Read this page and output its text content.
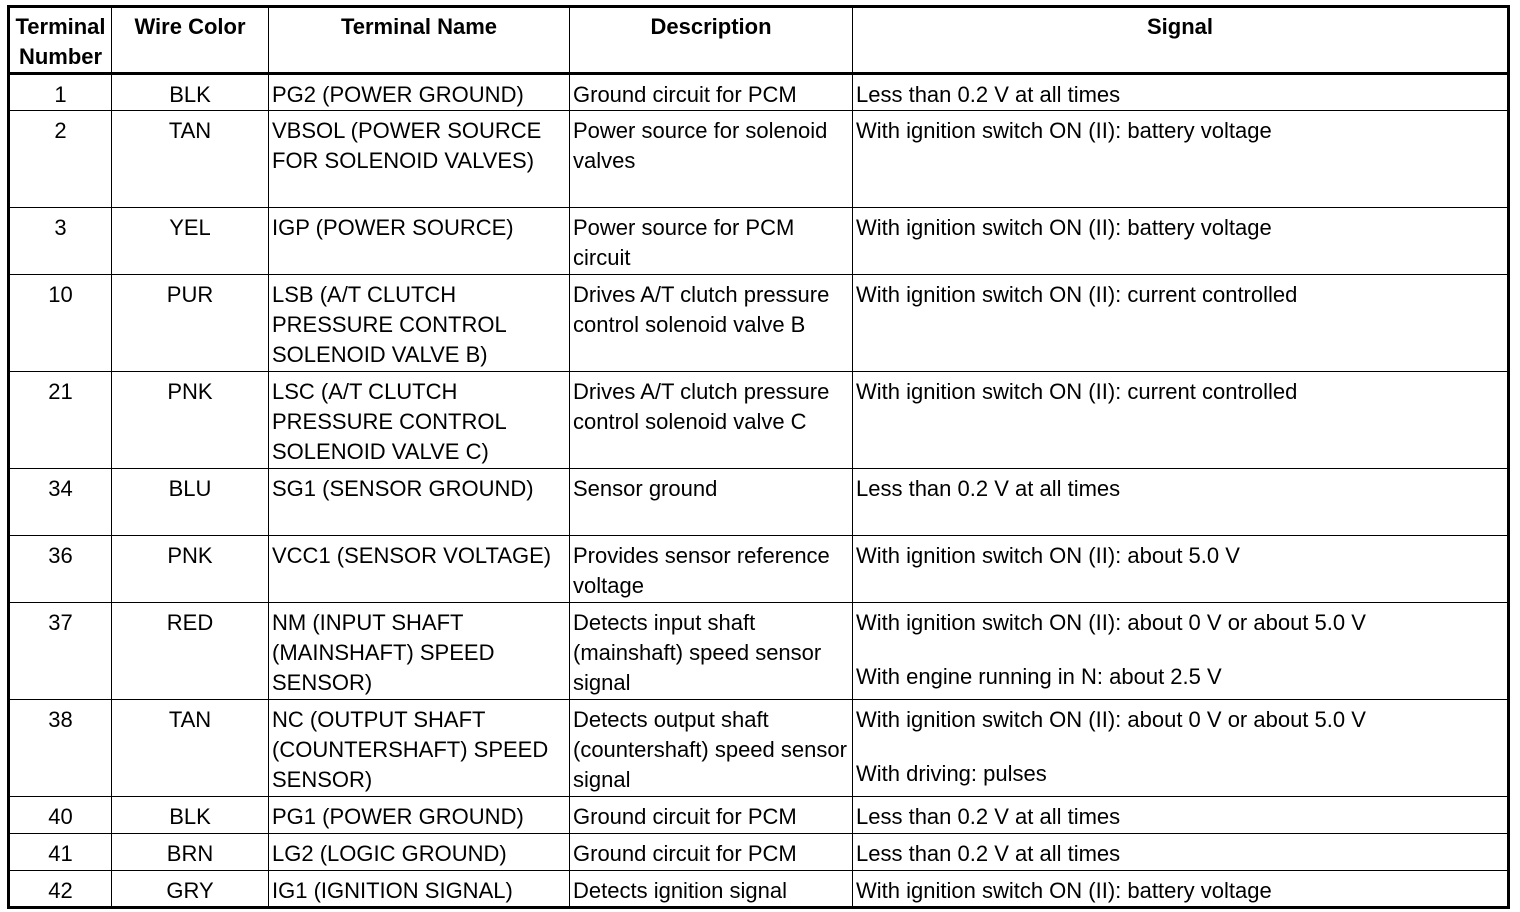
Terminal Number	Wire Color	Terminal Name	Description	Signal
1	BLK	PG2 (POWER GROUND)	Ground circuit for PCM	Less than 0.2 V at all times

2	TAN	VBSOL (POWER SOURCE FOR SOLENOID VALVES)	Power source for solenoid valves	With ignition switch ON (II): battery voltage

3	YEL	IGP (POWER SOURCE)	Power source for PCM circuit	With ignition switch ON (II): battery voltage

10	PUR	LSB (A/T CLUTCH PRESSURE CONTROL SOLENOID VALVE B)	Drives A/T clutch pressure control solenoid valve B	With ignition switch ON (II): current controlled

21	PNK	LSC (A/T CLUTCH PRESSURE CONTROL SOLENOID VALVE C)	Drives A/T clutch pressure control solenoid valve C	With ignition switch ON (II): current controlled

34	BLU	SG1 (SENSOR GROUND)	Sensor ground	Less than 0.2 V at all times

36	PNK	VCC1 (SENSOR VOLTAGE)	Provides sensor reference voltage	With ignition switch ON (II): about 5.0 V

37	RED	NM (INPUT SHAFT (MAINSHAFT) SPEED SENSOR)	Detects input shaft (mainshaft) speed sensor signal	With ignition switch ON (II): about 0 V or about 5.0 V
With engine running in N: about 2.5 V

38	TAN	NC (OUTPUT SHAFT (COUNTERSHAFT) SPEED SENSOR)	Detects output shaft (countershaft) speed sensor signal	With ignition switch ON (II): about 0 V or about 5.0 V
With driving: pulses

40	BLK	PG1 (POWER GROUND)	Ground circuit for PCM	Less than 0.2 V at all times

41	BRN	LG2 (LOGIC GROUND)	Ground circuit for PCM	Less than 0.2 V at all times

42	GRY	IG1 (IGNITION SIGNAL)	Detects ignition signal	With ignition switch ON (II): battery voltage
